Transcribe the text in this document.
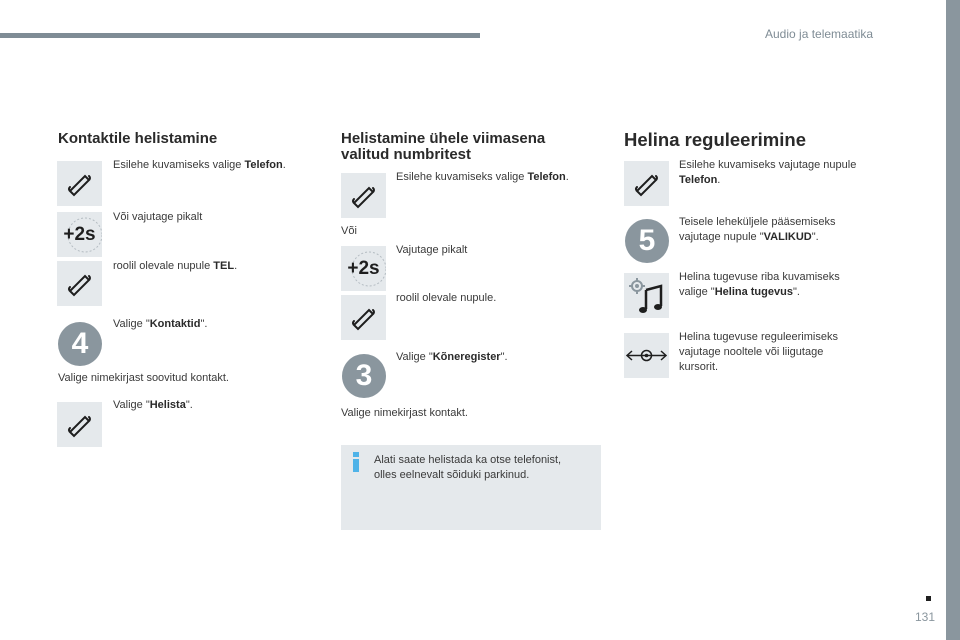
Audio ja telemaatika
131
Kontaktile helistamine
Esilehe kuvamiseks valige Telefon.
+2s
Või vajutage pikalt
roolil olevale nupule TEL.
4
Valige "Kontaktid".
Valige nimekirjast soovitud kontakt.
Valige "Helista".
Helistamine ühele viimasena
valitud numbritest
Esilehe kuvamiseks valige Telefon.
Või
+2s
Vajutage pikalt
roolil olevale nupule.
3
Valige "Kõneregister".
Valige nimekirjast kontakt.
Alati saate helistada ka otse telefonist,
olles eelnevalt sõiduki parkinud.
Helina reguleerimine
Esilehe kuvamiseks vajutage nupule
Telefon.
5
Teisele leheküljele pääsemiseks
vajutage nupule "VALIKUD".
Helina tugevuse riba kuvamiseks
valige "Helina tugevus".
Helina tugevuse reguleerimiseks
vajutage nooltele või liigutage
kursorit.
